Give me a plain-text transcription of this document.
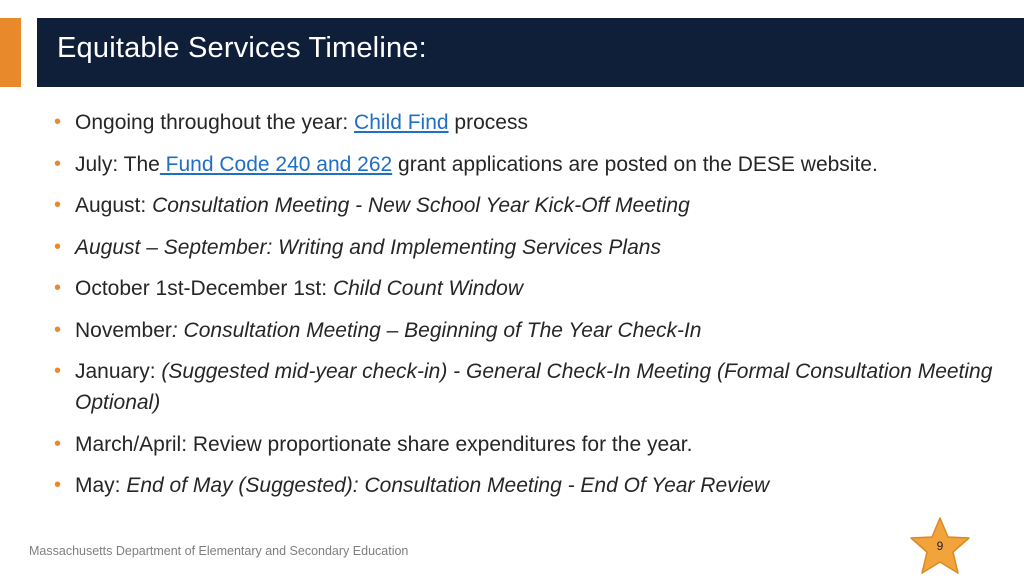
Equitable Services Timeline:
• Ongoing throughout the year: Child Find process
• July: The Fund Code 240 and 262 grant applications are posted on the DESE website.
• August: Consultation Meeting - New School Year Kick-Off Meeting
• August – September: Writing and Implementing Services Plans
• October 1st-December 1st: Child Count Window
• November: Consultation Meeting – Beginning of The Year Check-In
• January: (Suggested mid-year check-in) - General Check-In Meeting (Formal Consultation Meeting Optional)
• March/April: Review proportionate share expenditures for the year.
• May: End of May (Suggested): Consultation Meeting - End Of Year Review
Massachusetts Department of Elementary and Secondary Education	9
